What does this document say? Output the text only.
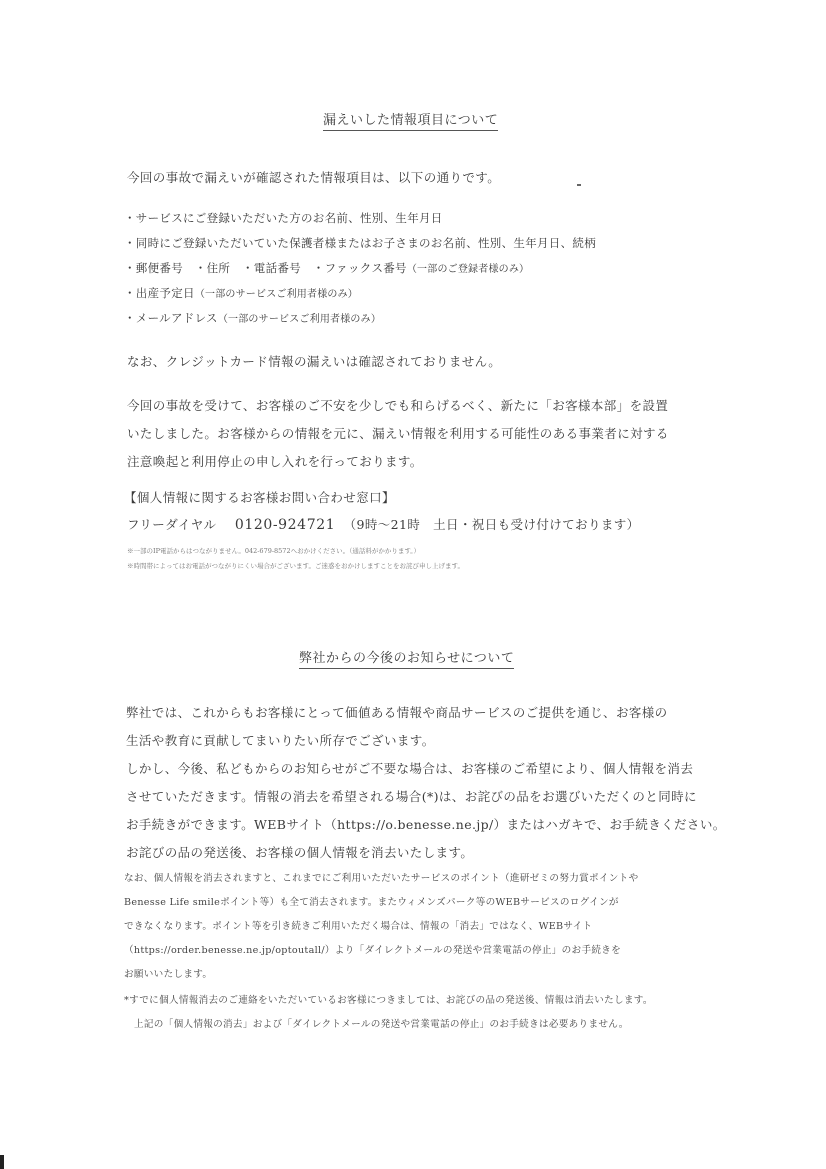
漏えいした情報項目について
今回の事故で漏えいが確認された情報項目は、以下の通りです。
・サービスにご登録いただいた方のお名前、性別、生年月日
・同時にご登録いただいていた保護者様またはお子さまのお名前、性別、生年月日、続柄
・郵便番号　・住所　・電話番号　・ファックス番号（一部のご登録者様のみ）
・出産予定日（一部のサービスご利用者様のみ）
・メールアドレス（一部のサービスご利用者様のみ）
なお、クレジットカード情報の漏えいは確認されておりません。
今回の事故を受けて、お客様のご不安を少しでも和らげるべく、新たに「お客様本部」を設置
いたしました。お客様からの情報を元に、漏えい情報を利用する可能性のある事業者に対する
注意喚起と利用停止の申し入れを行っております。
【個人情報に関するお客様お問い合わせ窓口】
フリーダイヤル 0120-924721 （9時～21時　土日・祝日も受け付けております）
※一部のIP電話からはつながりません。042-679-8572へおかけください。（通話料がかかります。）
※時間帯によってはお電話がつながりにくい場合がございます。ご迷惑をおかけしますことをお詫び申し上げます。
弊社からの今後のお知らせについて
弊社では、これからもお客様にとって価値ある情報や商品サービスのご提供を通じ、お客様の
生活や教育に貢献してまいりたい所存でございます。
しかし、今後、私どもからのお知らせがご不要な場合は、お客様のご希望により、個人情報を消去
させていただきます。情報の消去を希望される場合(*)は、お詫びの品をお選びいただくのと同時に
お手続きができます。WEBサイト（https://o.benesse.ne.jp/）またはハガキで、お手続きください。
お詫びの品の発送後、お客様の個人情報を消去いたします。
なお、個人情報を消去されますと、これまでにご利用いただいたサービスのポイント（進研ゼミの努力賞ポイントや
Benesse Life smileポイント等）も全て消去されます。またウィメンズパーク等のWEBサービスのログインが
できなくなります。ポイント等を引き続きご利用いただく場合は、情報の「消去」ではなく、WEBサイト
（https://order.benesse.ne.jp/optoutall/）より「ダイレクトメールの発送や営業電話の停止」のお手続きを
お願いいたします。
*すでに個人情報消去のご連絡をいただいているお客様につきましては、お詫びの品の発送後、情報は消去いたします。
上記の「個人情報の消去」および「ダイレクトメールの発送や営業電話の停止」のお手続きは必要ありません。
